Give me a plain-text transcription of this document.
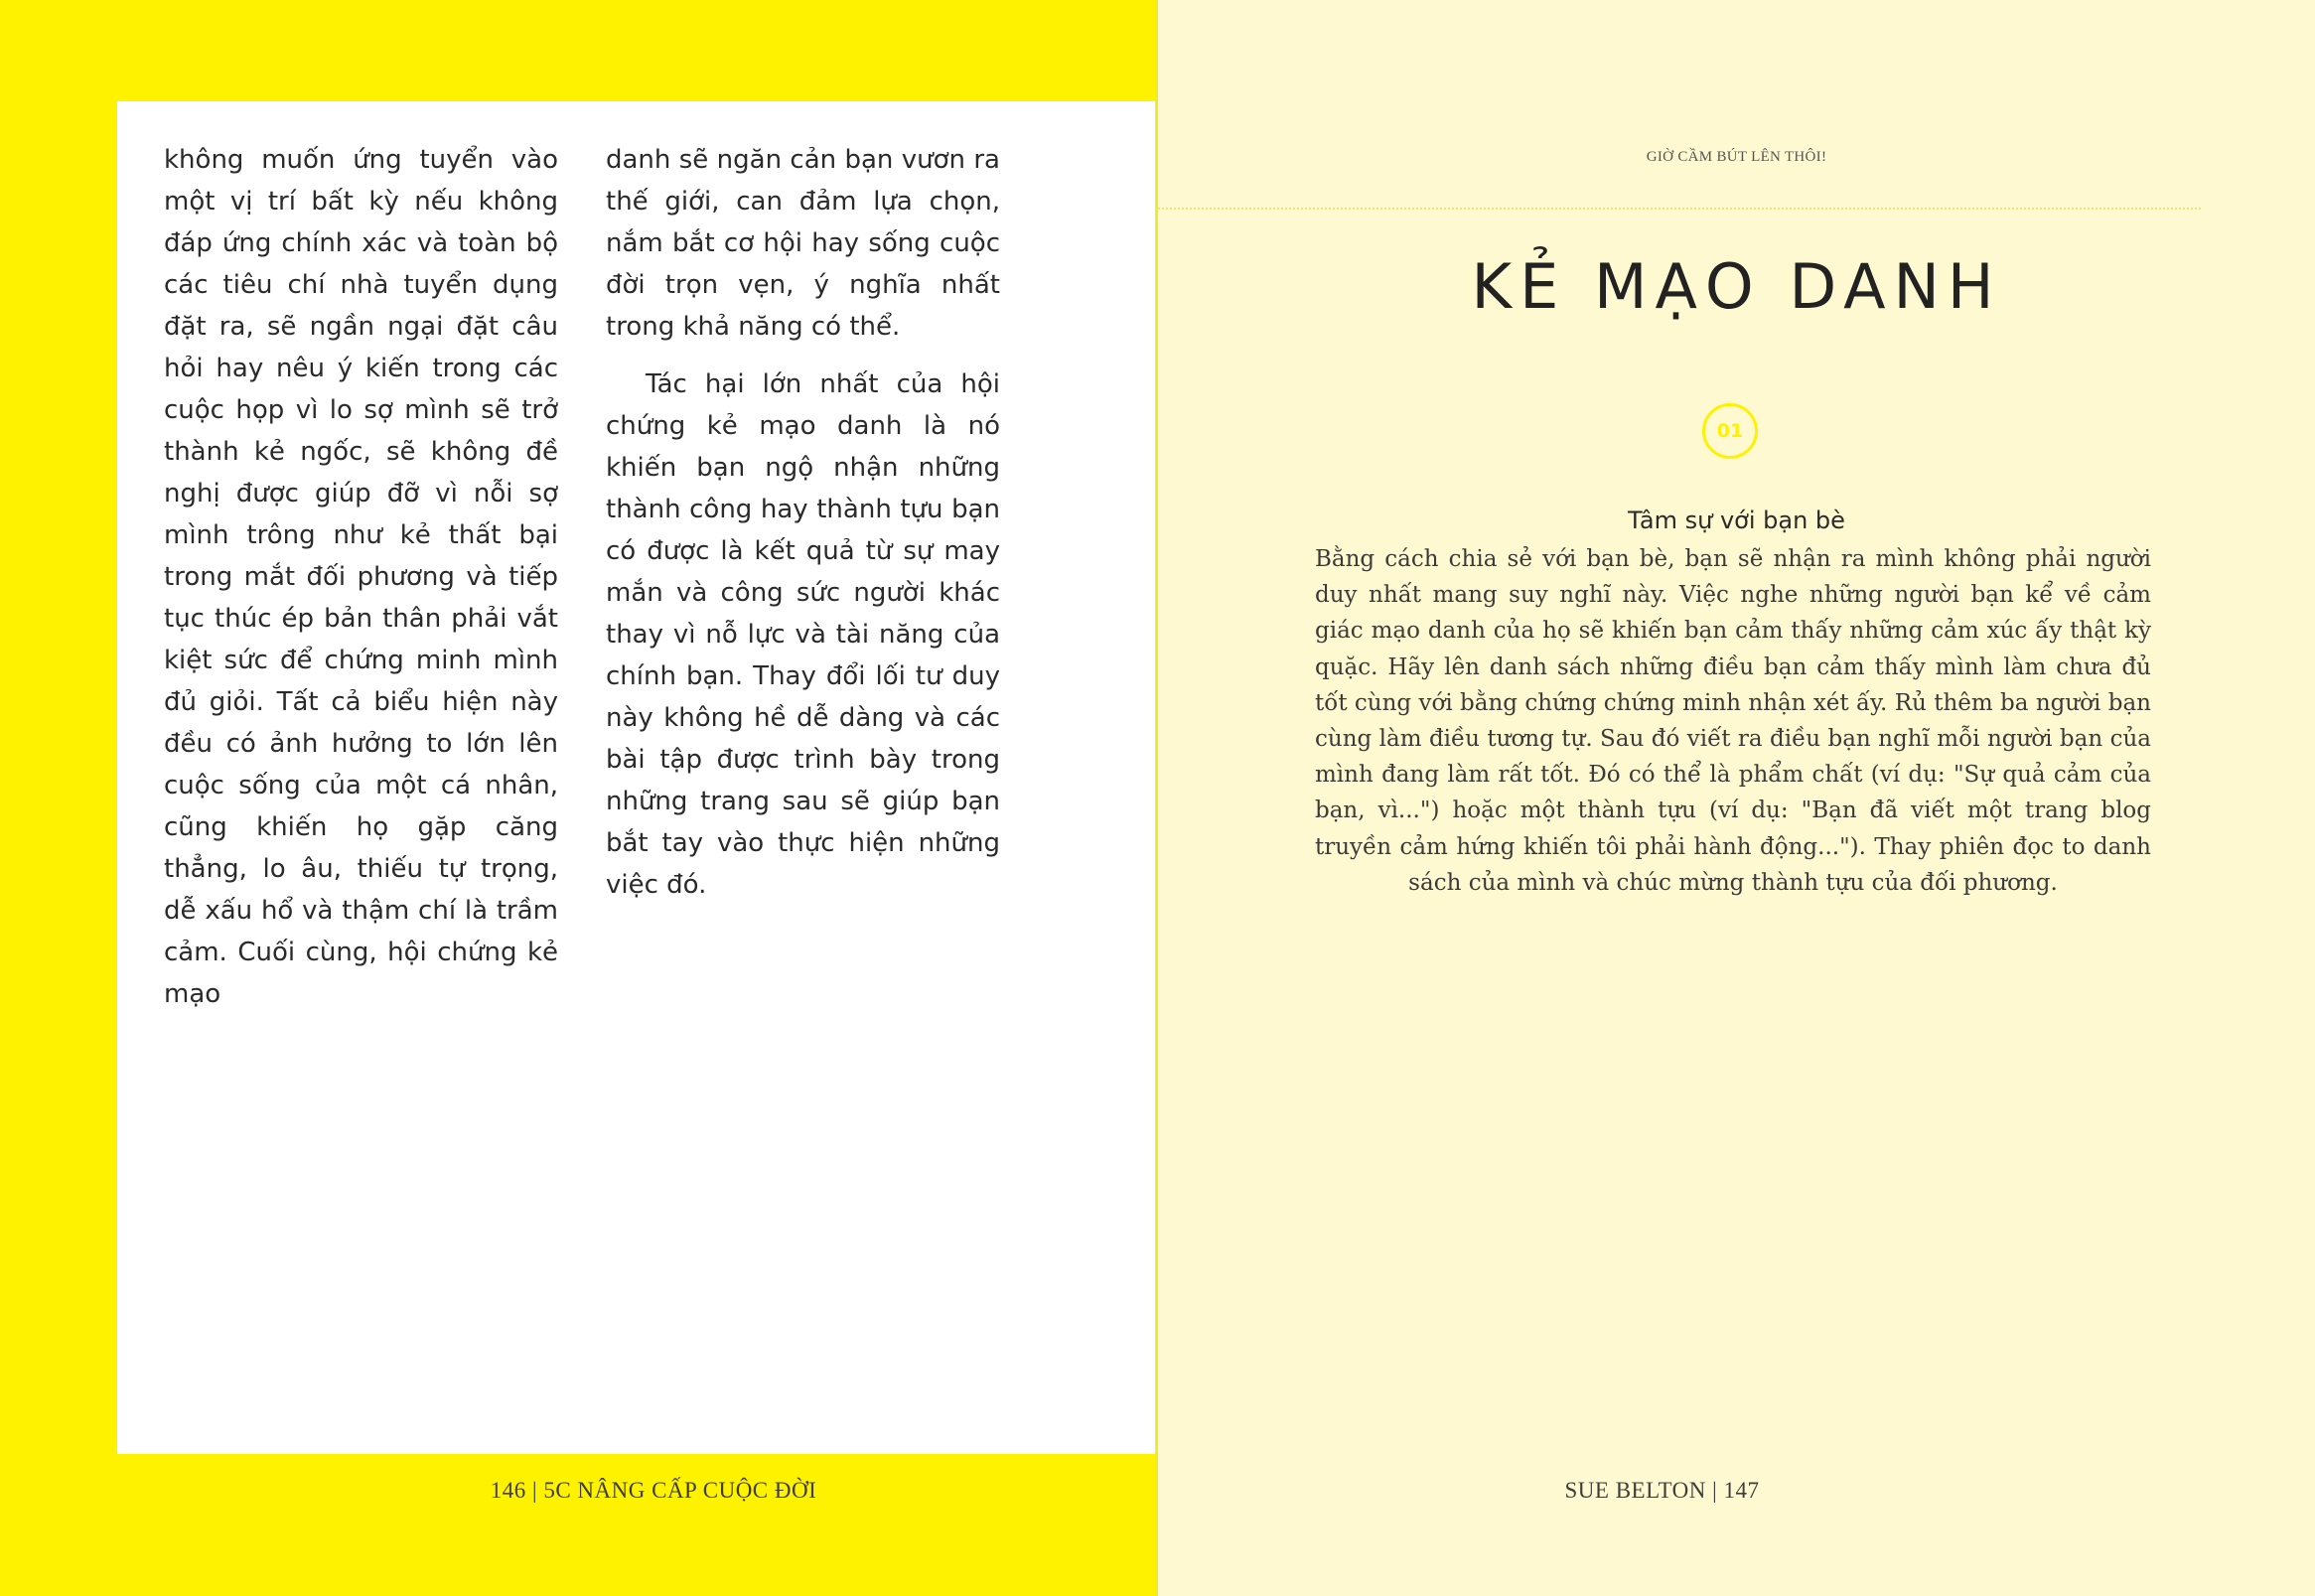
không muốn ứng tuyển vào một vị trí bất kỳ nếu không đáp ứng chính xác và toàn bộ các tiêu chí nhà tuyển dụng đặt ra, sẽ ngần ngại đặt câu hỏi hay nêu ý kiến trong các cuộc họp vì lo sợ mình sẽ trở thành kẻ ngốc, sẽ không đề nghị được giúp đỡ vì nỗi sợ mình trông như kẻ thất bại trong mắt đối phương và tiếp tục thúc ép bản thân phải vắt kiệt sức để chứng minh mình đủ giỏi. Tất cả biểu hiện này đều có ảnh hưởng to lớn lên cuộc sống của một cá nhân, cũng khiến họ gặp căng thẳng, lo âu, thiếu tự trọng, dễ xấu hổ và thậm chí là trầm cảm. Cuối cùng, hội chứng kẻ mạo

danh sẽ ngăn cản bạn vươn ra thế giới, can đảm lựa chọn, nắm bắt cơ hội hay sống cuộc đời trọn vẹn, ý nghĩa nhất trong khả năng có thể.

Tác hại lớn nhất của hội chứng kẻ mạo danh là nó khiến bạn ngộ nhận những thành công hay thành tựu bạn có được là kết quả từ sự may mắn và công sức người khác thay vì nỗ lực và tài năng của chính bạn. Thay đổi lối tư duy này không hề dễ dàng và các bài tập được trình bày trong những trang sau sẽ giúp bạn bắt tay vào thực hiện những việc đó.

146 | 5C NÂNG CẤP CUỘC ĐỜI
GIỜ CẦM BÚT LÊN THÔI!
KẺ MẠO DANH
01
Tâm sự với bạn bè

Bằng cách chia sẻ với bạn bè, bạn sẽ nhận ra mình không phải người duy nhất mang suy nghĩ này. Việc nghe những người bạn kể về cảm giác mạo danh của họ sẽ khiến bạn cảm thấy những cảm xúc ấy thật kỳ quặc. Hãy lên danh sách những điều bạn cảm thấy mình làm chưa đủ tốt cùng với bằng chứng chứng minh nhận xét ấy. Rủ thêm ba người bạn cùng làm điều tương tự. Sau đó viết ra điều bạn nghĩ mỗi người bạn của mình đang làm rất tốt. Đó có thể là phẩm chất (ví dụ: "Sự quả cảm của bạn, vì...") hoặc một thành tựu (ví dụ: "Bạn đã viết một trang blog truyền cảm hứng khiến tôi phải hành động..."). Thay phiên đọc to danh sách của mình và chúc mừng thành tựu của đối phương.

SUE BELTON | 147
